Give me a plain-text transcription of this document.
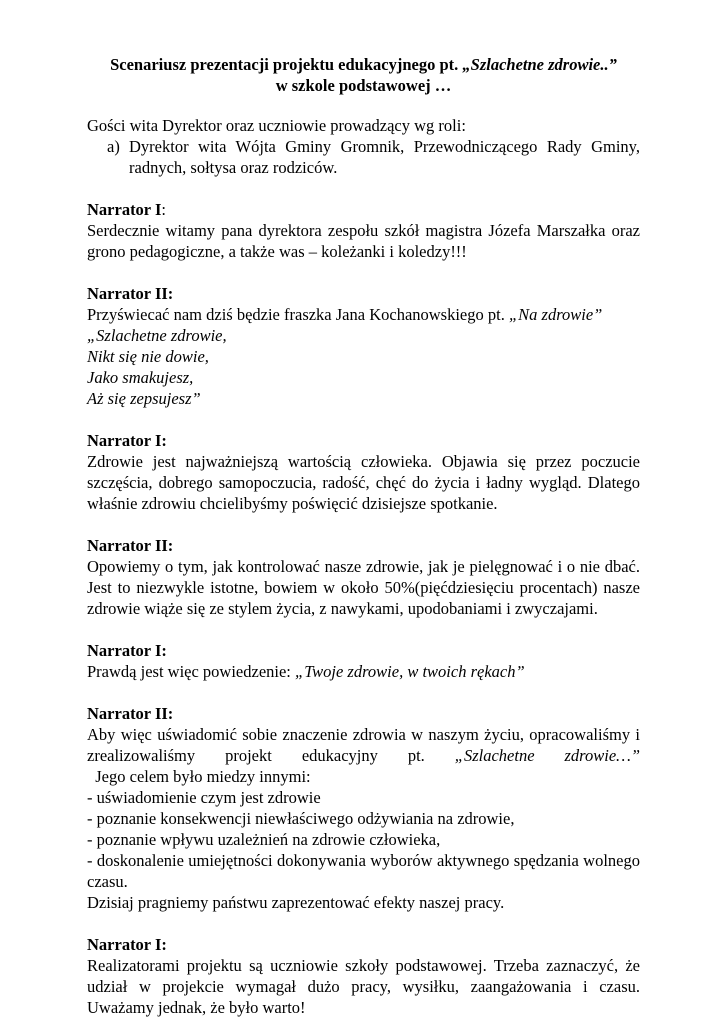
Scenariusz prezentacji projektu edukacyjnego pt. „Szlachetne zdrowie..”
w szkole podstawowej …

Gości wita Dyrektor oraz uczniowie prowadzący wg roli:

a) Dyrektor wita Wójta Gminy Gromnik, Przewodniczącego Rady Gminy, radnych, sołtysa oraz rodziców.

Narrator I:

Serdecznie witamy pana dyrektora zespołu szkół magistra Józefa Marszałka oraz grono pedagogiczne, a także was – koleżanki i koledzy!!!

Narrator II:

Przyświecać nam dziś będzie fraszka Jana Kochanowskiego pt. „Na zdrowie”

„Szlachetne zdrowie,

Nikt się nie dowie,

Jako smakujesz,

Aż się zepsujesz”

Narrator I:

Zdrowie jest najważniejszą wartością człowieka. Objawia się przez poczucie szczęścia, dobrego samopoczucia, radość, chęć do życia i ładny wygląd. Dlatego właśnie zdrowiu chcielibyśmy poświęcić dzisiejsze spotkanie.

Narrator II:

Opowiemy o tym, jak kontrolować nasze zdrowie, jak je pielęgnować i o nie dbać. Jest to niezwykle istotne, bowiem w około 50%(pięćdziesięciu procentach) nasze zdrowie wiąże się ze stylem życia, z nawykami, upodobaniami i zwyczajami.

Narrator I:

Prawdą jest więc powiedzenie: „Twoje zdrowie, w twoich rękach”

Narrator II:

Aby więc uświadomić sobie znaczenie zdrowia w naszym życiu, opracowaliśmy i zrealizowaliśmy projekt edukacyjny pt. „Szlachetne zdrowie…”  Jego celem było miedzy innymi:

- uświadomienie czym jest zdrowie

- poznanie konsekwencji niewłaściwego odżywiania na zdrowie,

- poznanie wpływu uzależnień na zdrowie człowieka,

- doskonalenie umiejętności dokonywania wyborów aktywnego spędzania wolnego czasu.

Dzisiaj pragniemy państwu zaprezentować efekty naszej pracy.

Narrator I:

Realizatorami projektu są uczniowie szkoły podstawowej. Trzeba zaznaczyć, że udział w projekcie wymagał dużo pracy, wysiłku, zaangażowania i czasu. Uważamy jednak, że było warto!
